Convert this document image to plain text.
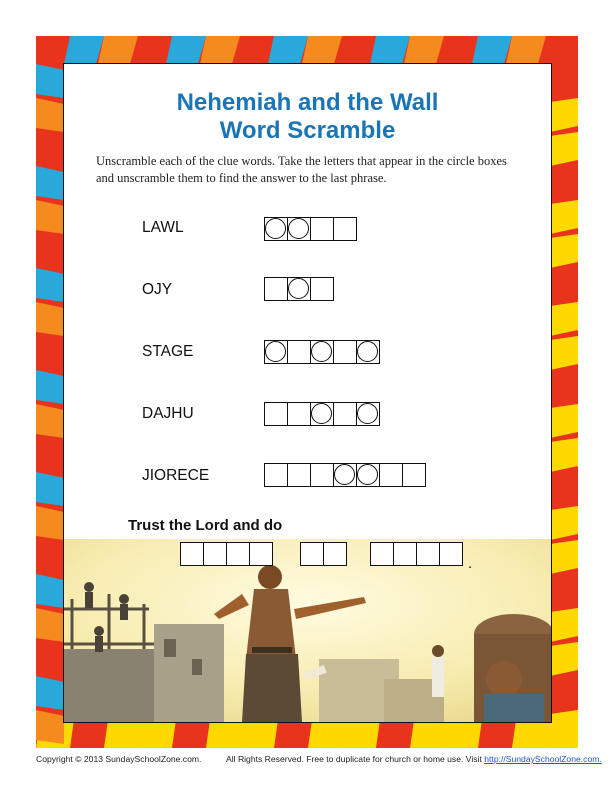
Nehemiah and the Wall
Word Scramble
Unscramble each of the clue words. Take the letters that appear in the circle boxes and unscramble them to find the answer to the last phrase.
LAWL
OJY
STAGE
DAJHU
JIORECE
Trust the Lord and do
.
Copyright © 2013 SundaySchoolZone.com.	All Rights Reserved. Free to duplicate for church or home use. Visit http://SundaySchoolZone.com.
